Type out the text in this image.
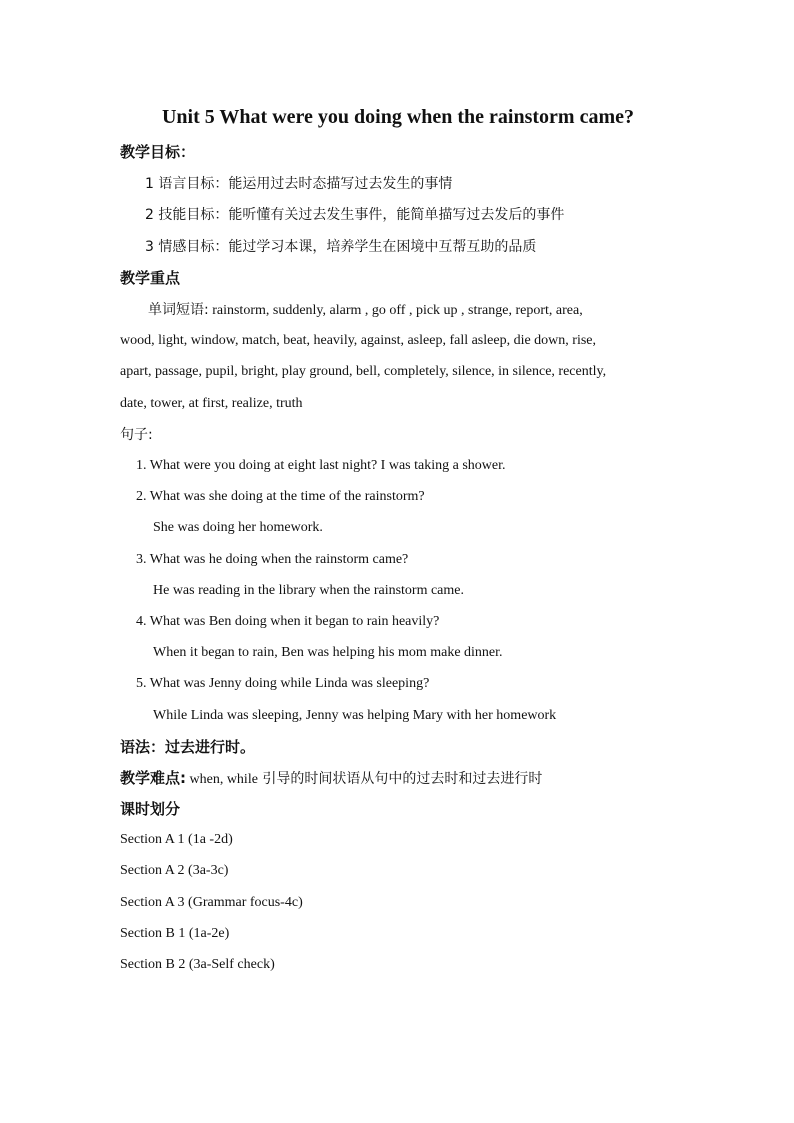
Unit 5 What were you doing when the rainstorm came?
教学目标：
1 语言目标：能运用过去时态描写过去发生的事情
2 技能目标：能听懂有关过去发生事件，能简单描写过去发后的事件
3 情感目标：能过学习本课，培养学生在困境中互帮互助的品质
教学重点
单词短语: rainstorm, suddenly, alarm , go off , pick up , strange, report, area,
wood, light, window, match, beat, heavily, against, asleep, fall asleep, die down, rise,
apart, passage, pupil, bright, play ground, bell, completely, silence, in silence, recently,
date, tower, at first, realize, truth
句子:
1. What were you doing at eight last night? I was taking a shower.
2. What was she doing at the time of the rainstorm?
She was doing her homework.
3. What was he doing when the rainstorm came?
He was reading in the library when the rainstorm came.
4. What was Ben doing when it began to rain heavily?
When it began to rain, Ben was helping his mom make dinner.
5. What was Jenny doing while Linda was sleeping?
While Linda was sleeping, Jenny was helping Mary with her homework
语法：过去进行时。
教学难点: when, while 引导的时间状语从句中的过去时和过去进行时
课时划分
Section A 1 (1a -2d)
Section A 2 (3a-3c)
Section A 3 (Grammar focus-4c)
Section B 1 (1a-2e)
Section B 2 (3a-Self check)
